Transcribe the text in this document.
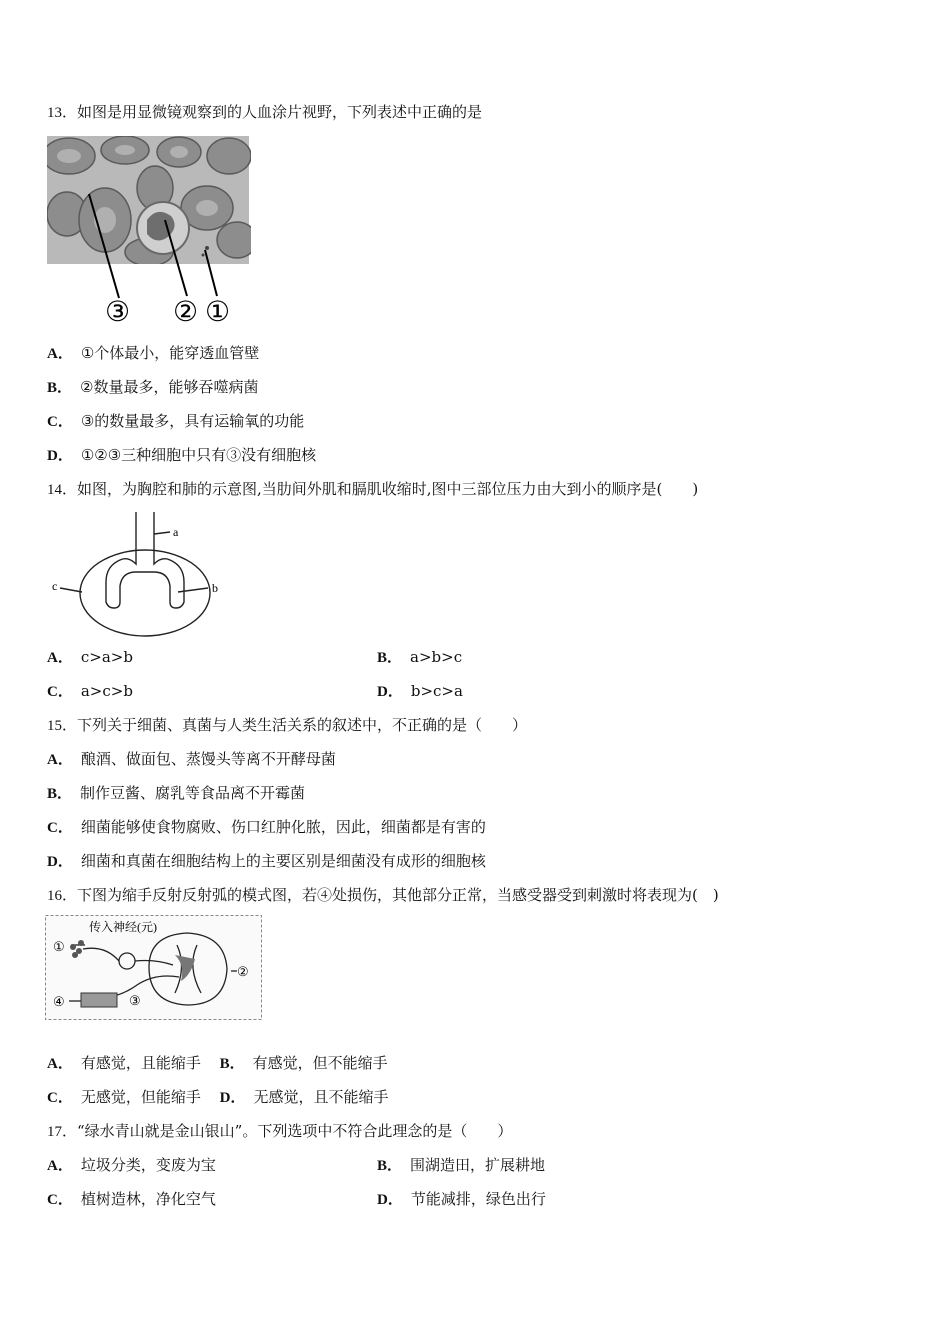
13．如图是用显微镜观察到的人血涂片视野，下列表述中正确的是
③ ② ①
A． ①个体最小，能穿透血管壁
B． ②数量最多，能够吞噬病菌
C． ③的数量最多，具有运输氧的功能
D． ①②③三种细胞中只有③没有细胞核
14．如图，为胸腔和肺的示意图,当肋间外肌和膈肌收缩时,图中三部位压力由大到小的顺序是(　　)
a
b
c
A． c>a>b	B． a>b>c
C． a>c>b	D． b>c>a
15．下列关于细菌、真菌与人类生活关系的叙述中，不正确的是（　　）
A． 酿酒、做面包、蒸馒头等离不开酵母菌
B． 制作豆酱、腐乳等食品离不开霉菌
C． 细菌能够使食物腐败、伤口红肿化脓，因此，细菌都是有害的
D． 细菌和真菌在细胞结构上的主要区别是细菌没有成形的细胞核
16．下图为缩手反射反射弧的模式图，若④处损伤，其他部分正常，当感受器受到刺激时将表现为(　)
传入神经(元)
①
②
③
④
A． 有感觉，且能缩手 B． 有感觉，但不能缩手
C． 无感觉，但能缩手 D． 无感觉，且不能缩手
17．“绿水青山就是金山银山”。下列选项中不符合此理念的是（　　）
A． 垃圾分类，变废为宝	B． 围湖造田，扩展耕地
C． 植树造林，净化空气	D． 节能减排，绿色出行
